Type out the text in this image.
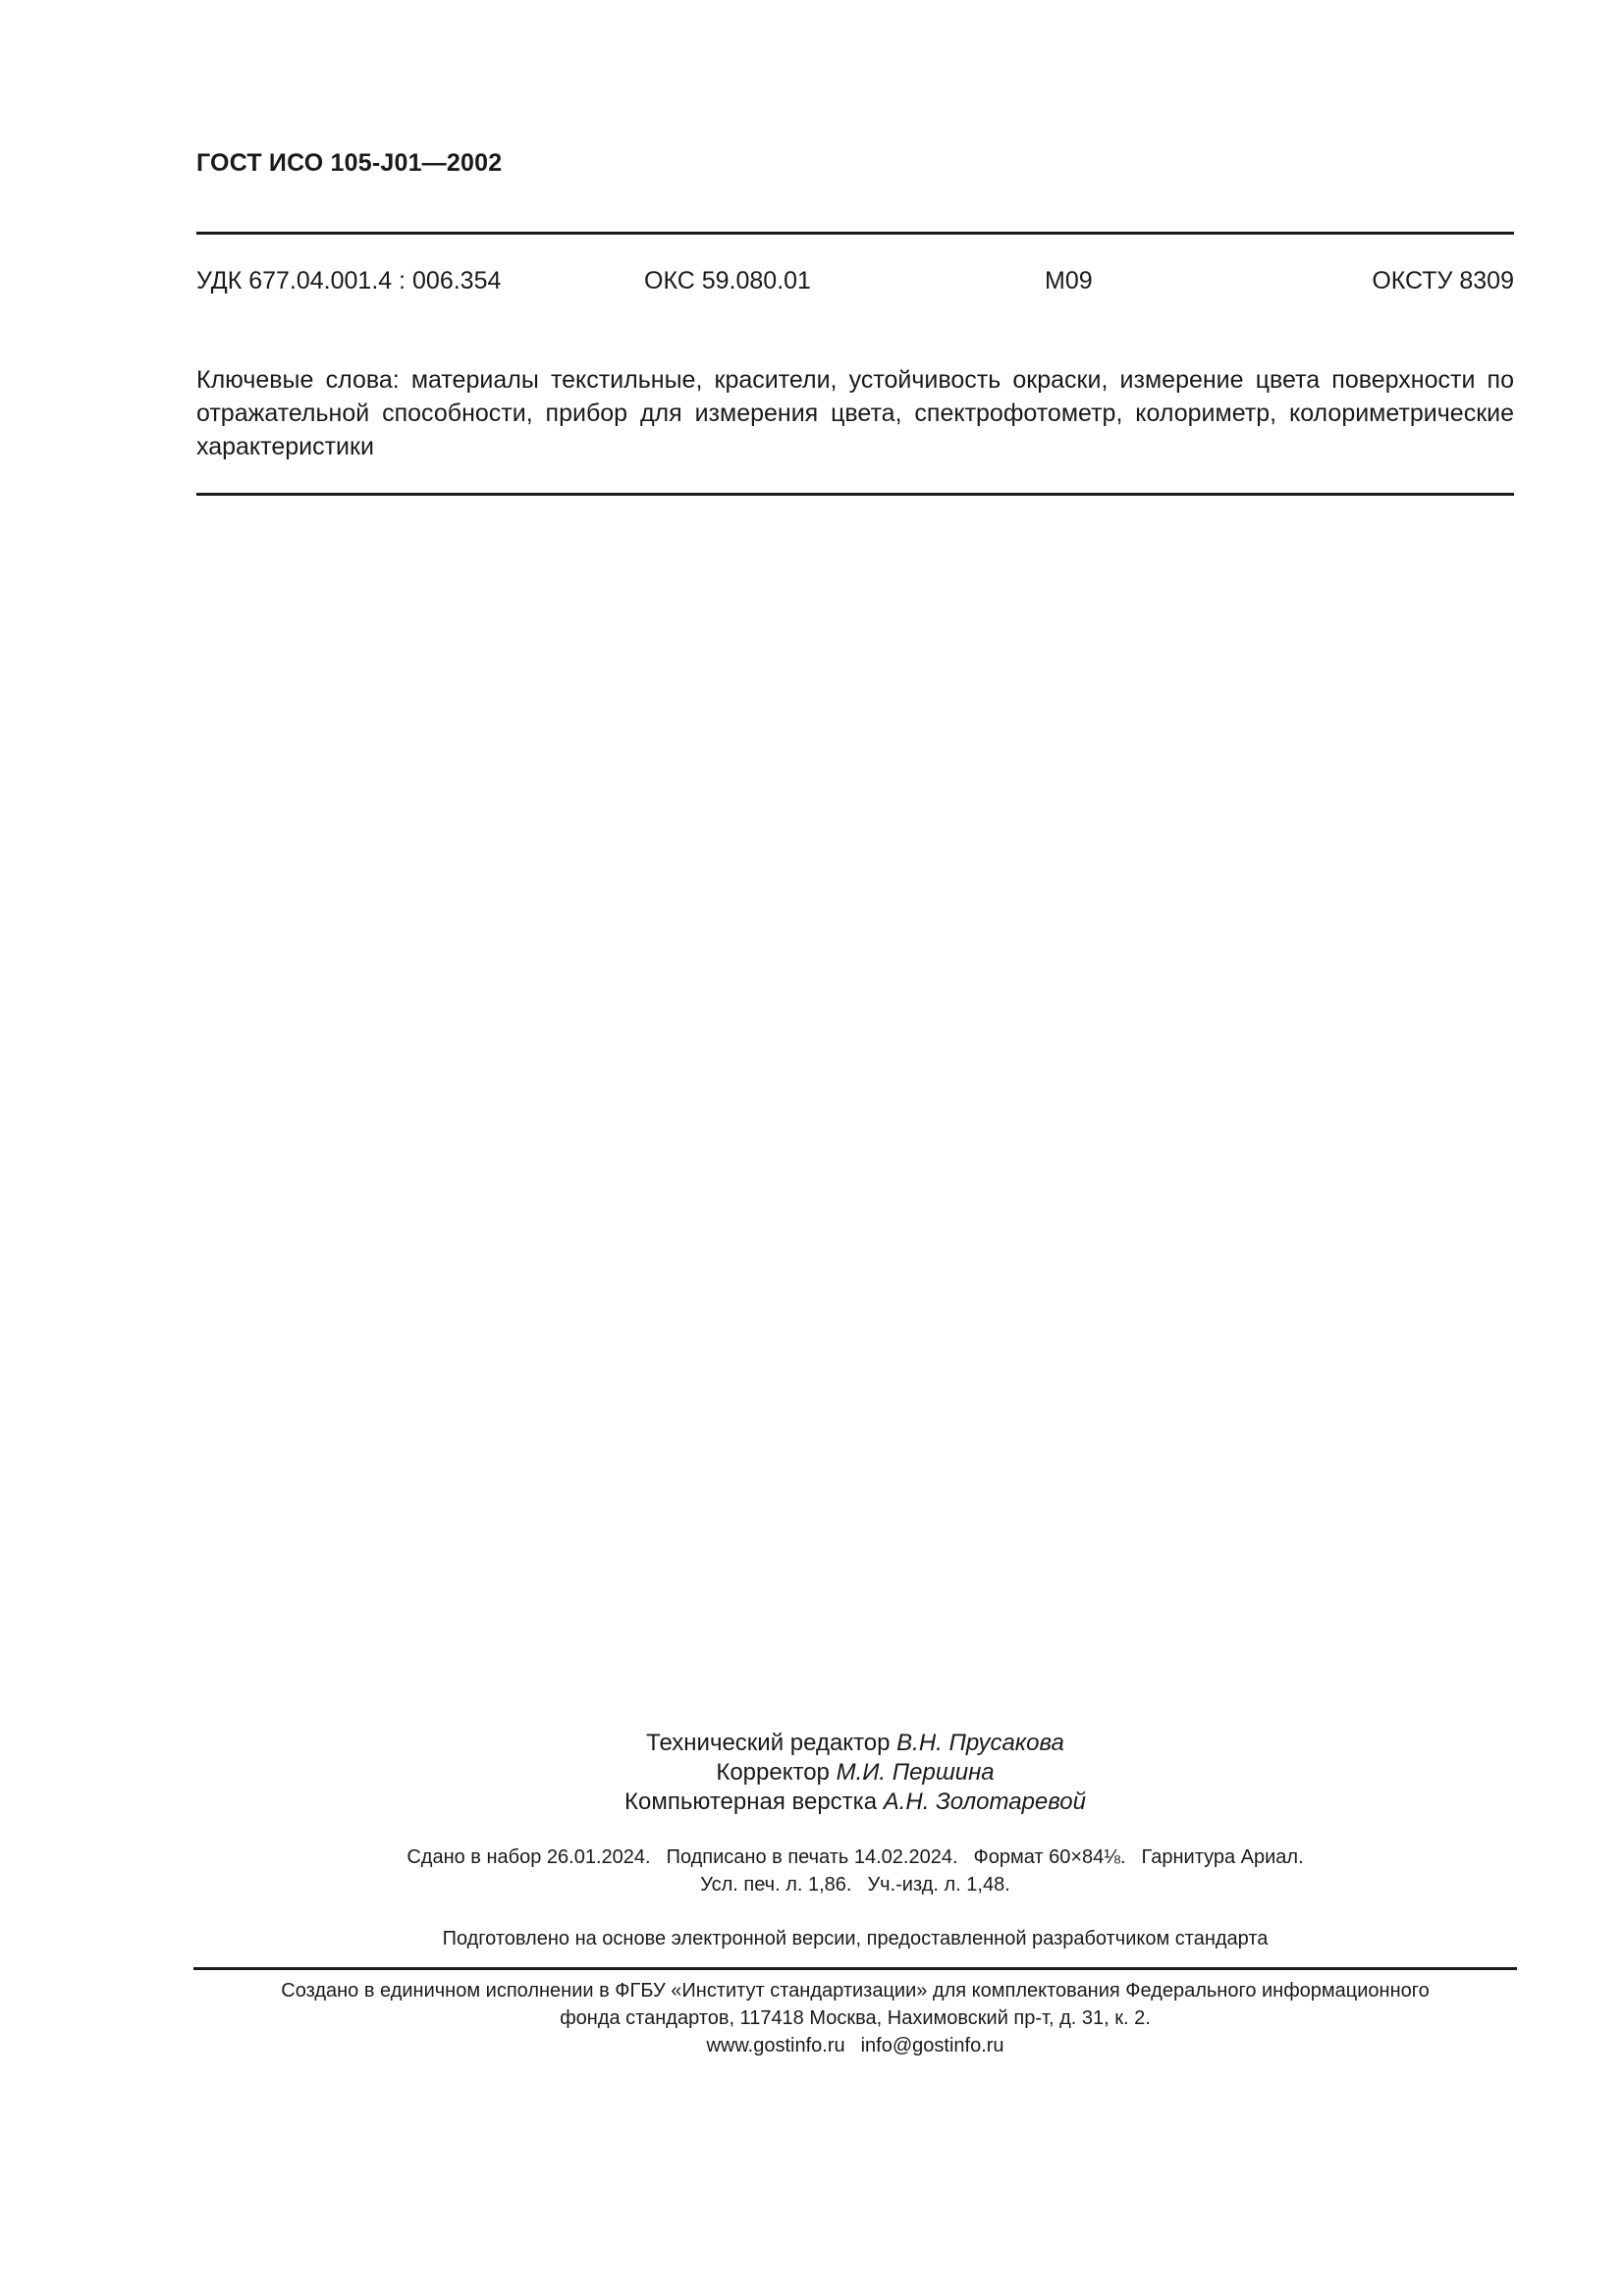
ГОСТ ИСО 105-J01—2002
УДК 677.04.001.4 : 006.354	ОКС 59.080.01	М09	ОКСТУ 8309

Ключевые слова: материалы текстильные, красители, устойчивость окраски, измерение цвета поверхности по отражательной способности, прибор для измерения цвета, спектрофотометр, колориметр, колориметрические характеристики

Технический редактор В.Н. Прусакова
Корректор М.И. Першина
Компьютерная верстка А.Н. Золотаревой
Сдано в набор 26.01.2024. Подписано в печать 14.02.2024. Формат 60×84⅛. Гарнитура Ариал.
Усл. печ. л. 1,86. Уч.-изд. л. 1,48.
Подготовлено на основе электронной версии, предоставленной разработчиком стандарта
Создано в единичном исполнении в ФГБУ «Институт стандартизации» для комплектования Федерального информационного
фонда стандартов, 117418 Москва, Нахимовский пр-т, д. 31, к. 2.
www.gostinfo.ru info@gostinfo.ru
